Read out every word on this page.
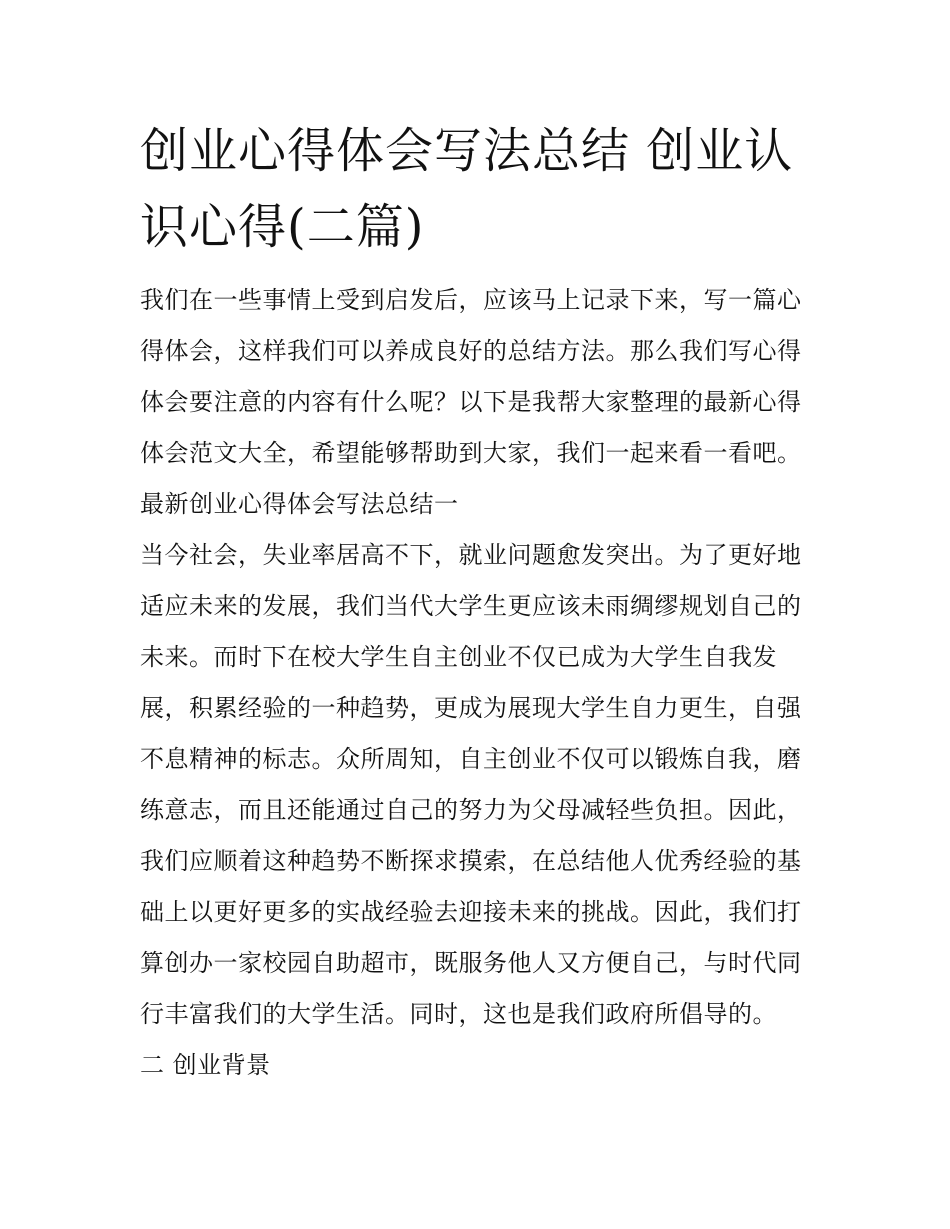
创业心得体会写法总结 创业认
识心得(二篇)

我们在一些事情上受到启发后，应该马上记录下来，写一篇心
得体会，这样我们可以养成良好的总结方法。那么我们写心得
体会要注意的内容有什么呢？以下是我帮大家整理的最新心得
体会范文大全，希望能够帮助到大家，我们一起来看一看吧。

最新创业心得体会写法总结一

当今社会，失业率居高不下，就业问题愈发突出。为了更好地
适应未来的发展，我们当代大学生更应该未雨绸缪规划自己的
未来。而时下在校大学生自主创业不仅已成为大学生自我发
展，积累经验的一种趋势，更成为展现大学生自力更生，自强
不息精神的标志。众所周知，自主创业不仅可以锻炼自我，磨
练意志，而且还能通过自己的努力为父母减轻些负担。因此，
我们应顺着这种趋势不断探求摸索，在总结他人优秀经验的基
础上以更好更多的实战经验去迎接未来的挑战。因此，我们打
算创办一家校园自助超市，既服务他人又方便自己，与时代同
行丰富我们的大学生活。同时，这也是我们政府所倡导的。

二 创业背景
